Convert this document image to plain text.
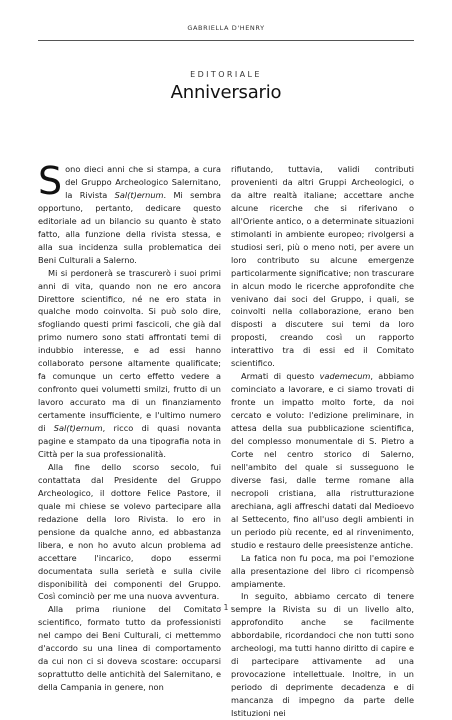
GABRIELLA D'HENRY
EDITORIALE
Anniversario

Sono dieci anni che si stampa, a cura del Gruppo Archeologico Salernitano, la Rivista Sal(t)ernum. Mi sembra opportuno, pertanto, dedicare questo editoriale ad un bilancio su quanto è stato fatto, alla funzione della rivista stessa, e alla sua incidenza sulla problematica dei Beni Culturali a Salerno.

Mi si perdonerà se trascurerò i suoi primi anni di vita, quando non ne ero ancora Direttore scientifico, né ne ero stata in qualche modo coinvolta. Si può solo dire, sfogliando questi primi fascicoli, che già dal primo numero sono stati affrontati temi di indubbio interesse, e ad essi hanno collaborato persone altamente qualificate; fa comunque un certo effetto vedere a confronto quei volumetti smilzi, frutto di un lavoro accurato ma di un finanziamento certamente insufficiente, e l'ultimo numero di Sal(t)ernum, ricco di quasi novanta pagine e stampato da una tipografia nota in Città per la sua professionalità.

Alla fine dello scorso secolo, fui contattata dal Presidente del Gruppo Archeologico, il dottore Felice Pastore, il quale mi chiese se volevo partecipare alla redazione della loro Rivista. Io ero in pensione da qualche anno, ed abbastanza libera, e non ho avuto alcun problema ad accettare l'incarico, dopo essermi documentata sulla serietà e sulla civile disponibilità dei componenti del Gruppo. Così cominciò per me una nuova avventura.

Alla prima riunione del Comitato scientifico, formato tutto da professionisti nel campo dei Beni Culturali, ci mettemmo d'accordo su una linea di comportamento da cui non ci si doveva scostare: occuparsi soprattutto delle antichità del Salernitano, e della Campania in genere, non

rifiutando, tuttavia, validi contributi provenienti da altri Gruppi Archeologici, o da altre realtà italiane; accettare anche alcune ricerche che si riferivano o all'Oriente antico, o a determinate situazioni stimolanti in ambiente europeo; rivolgersi a studiosi seri, più o meno noti, per avere un loro contributo su alcune emergenze particolarmente significative; non trascurare in alcun modo le ricerche approfondite che venivano dai soci del Gruppo, i quali, se coinvolti nella collaborazione, erano ben disposti a discutere sui temi da loro proposti, creando così un rapporto interattivo tra di essi ed il Comitato scientifico.

Armati di questo vademecum, abbiamo cominciato a lavorare, e ci siamo trovati di fronte un impatto molto forte, da noi cercato e voluto: l'edizione preliminare, in attesa della sua pubblicazione scientifica, del complesso monumentale di S. Pietro a Corte nel centro storico di Salerno, nell'ambito del quale si susseguono le diverse fasi, dalle terme romane alla necropoli cristiana, alla ristrutturazione arechiana, agli affreschi datati dal Medioevo al Settecento, fino all'uso degli ambienti in un periodo più recente, ed al rinvenimento, studio e restauro delle preesistenze antiche.

La fatica non fu poca, ma poi l'emozione alla presentazione del libro ci ricompensò ampiamente.

In seguito, abbiamo cercato di tenere sempre la Rivista su di un livello alto, approfondito anche se facilmente abbordabile, ricordandoci che non tutti sono archeologi, ma tutti hanno diritto di capire e di partecipare attivamente ad una provocazione intellettuale. Inoltre, in un periodo di deprimente decadenza e di mancanza di impegno da parte delle Istituzioni nei

- 1 -
